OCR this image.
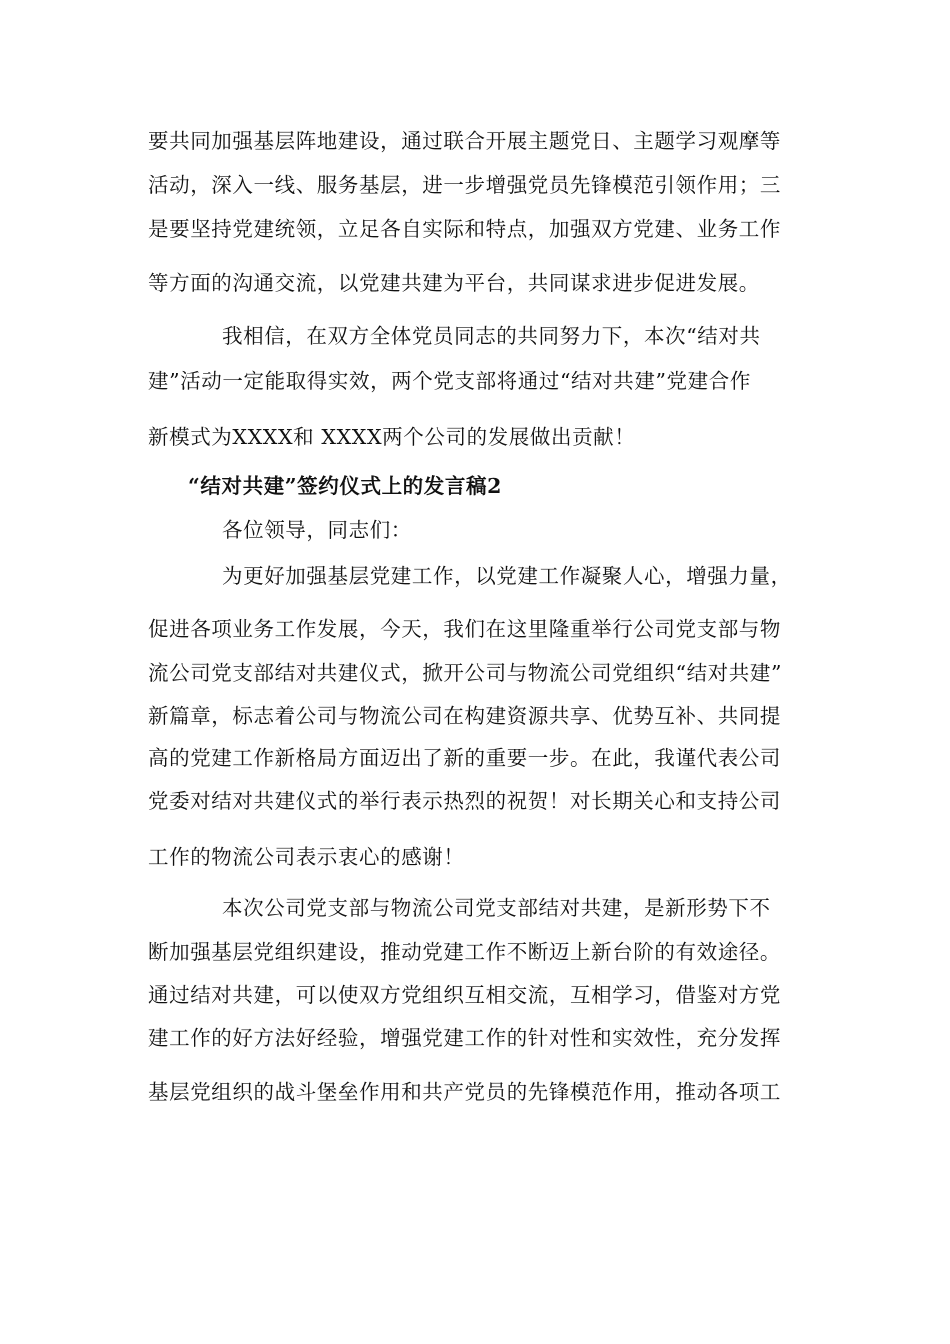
要共同加强基层阵地建设，通过联合开展主题党日、主题学习观摩等
活动，深入一线、服务基层，进一步增强党员先锋模范引领作用；三
是要坚持党建统领，立足各自实际和特点，加强双方党建、业务工作
等方面的沟通交流，以党建共建为平台，共同谋求进步促进发展。
我相信，在双方全体党员同志的共同努力下，本次“结对共
建”活动一定能取得实效，两个党支部将通过“结对共建”党建合作
新模式为XXXX和 XXXX两个公司的发展做出贡献！
“结对共建”签约仪式上的发言稿2
各位领导，同志们：
为更好加强基层党建工作，以党建工作凝聚人心，增强力量，
促进各项业务工作发展，今天，我们在这里隆重举行公司党支部与物
流公司党支部结对共建仪式，掀开公司与物流公司党组织“结对共建”
新篇章，标志着公司与物流公司在构建资源共享、优势互补、共同提
高的党建工作新格局方面迈出了新的重要一步。在此，我谨代表公司
党委对结对共建仪式的举行表示热烈的祝贺！对长期关心和支持公司
工作的物流公司表示衷心的感谢！
本次公司党支部与物流公司党支部结对共建，是新形势下不
断加强基层党组织建设，推动党建工作不断迈上新台阶的有效途径。
通过结对共建，可以使双方党组织互相交流，互相学习，借鉴对方党
建工作的好方法好经验，增强党建工作的针对性和实效性，充分发挥
基层党组织的战斗堡垒作用和共产党员的先锋模范作用，推动各项工
